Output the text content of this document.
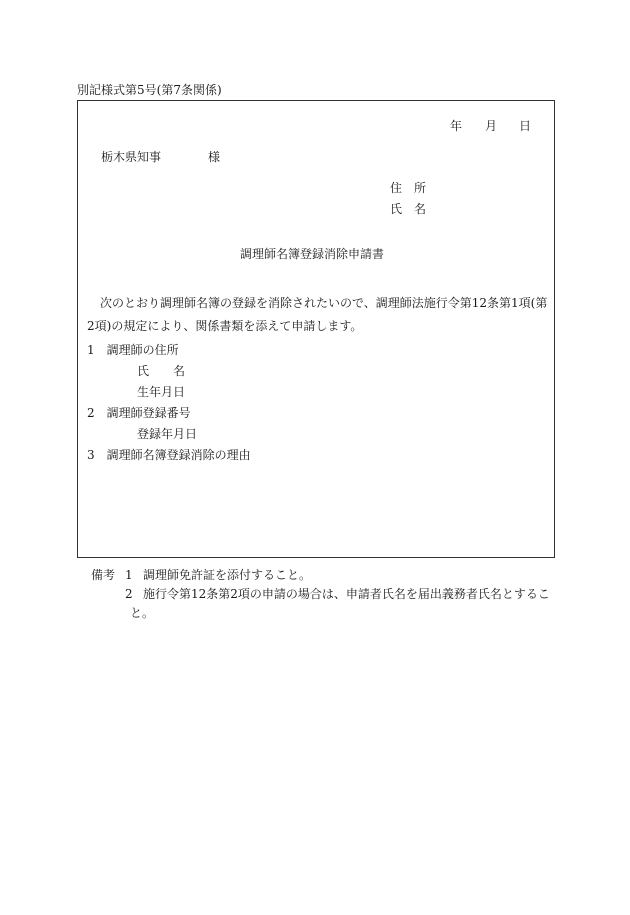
別記様式第5号(第7条関係)
年 月 日
栃木県知事	様
住　所
氏　名
調理師名簿登録消除申請書
次のとおり調理師名簿の登録を消除されたいので、調理師法施行令第12条第1項(第
2項)の規定により、関係書類を添えて申請します。
1　調理師の住所
氏　　名
生年月日
2　調理師登録番号
登録年月日
3　調理師名簿登録消除の理由
備考 1 調理師免許証を添付すること。
2 施行令第12条第2項の申請の場合は、申請者氏名を届出義務者氏名とするこ
と。
